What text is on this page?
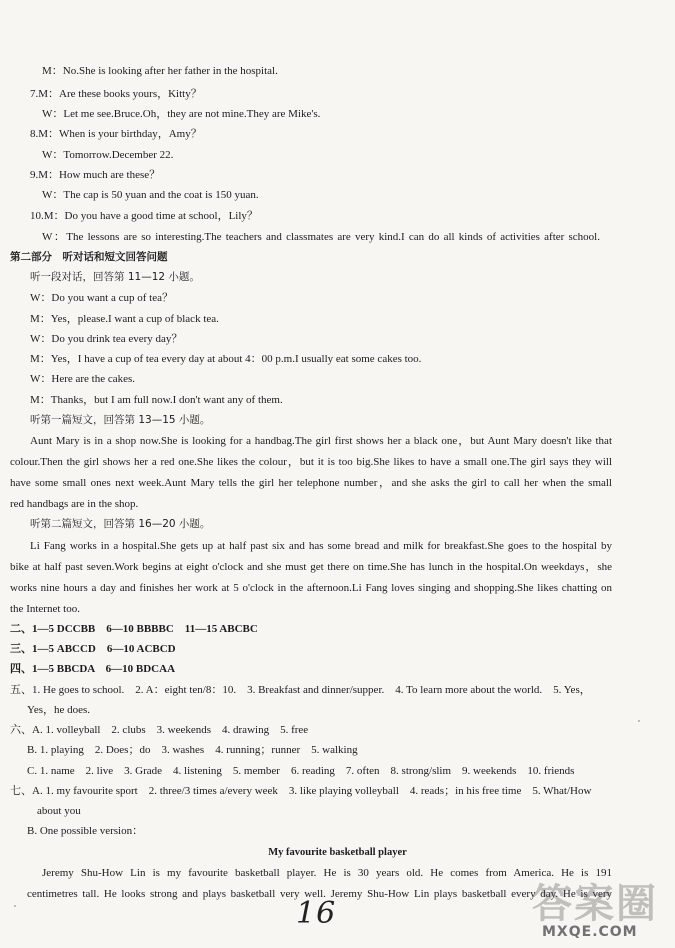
M：No.She is looking after her father in the hospital.
7.M：Are these books yours，Kitty？
W：Let me see.Bruce.Oh，they are not mine.They are Mike's.
8.M：When is your birthday，Amy？
W：Tomorrow.December 22.
9.M：How much are these？
W：The cap is 50 yuan and the coat is 150 yuan.
10.M：Do you have a good time at school，Lily？
W：The lessons are so interesting.The teachers and classmates are very kind.I can do all kinds of activities after school.
第二部分　听对话和短文回答问题
听一段对话，回答第 11—12 小题。
W：Do you want a cup of tea？
M：Yes，please.I want a cup of black tea.
W：Do you drink tea every day？
M：Yes，I have a cup of tea every day at about 4：00 p.m.I usually eat some cakes too.
W：Here are the cakes.
M：Thanks，but I am full now.I don't want any of them.
听第一篇短文，回答第 13—15 小题。
Aunt Mary is in a shop now.She is looking for a handbag.The girl first shows her a black one，but Aunt Mary doesn't like that
colour.Then the girl shows her a red one.She likes the colour，but it is too big.She likes to have a small one.The girl says they will
have some small ones next week.Aunt Mary tells the girl her telephone number，and she asks the girl to call her when the small
red handbags are in the shop.
听第二篇短文，回答第 16—20 小题。
Li Fang works in a hospital.She gets up at half past six and has some bread and milk for breakfast.She goes to the hospital by
bike at half past seven.Work begins at eight o'clock and she must get there on time.She has lunch in the hospital.On weekdays，she
works nine hours a day and finishes her work at 5 o'clock in the afternoon.Li Fang loves singing and shopping.She likes chatting on
the Internet too.
二、1—5 DCCBB　6—10 BBBBC　11—15 ABCBC
三、1—5 ABCCD　6—10 ACBCD
四、1—5 BBCDA　6—10 BDCAA
五、1. He goes to school.　2. A：eight ten/8：10.　3. Breakfast and dinner/supper.　4. To learn more about the world.　5. Yes，
Yes，he does.
六、A. 1. volleyball　2. clubs　3. weekends　4. drawing　5. free
B. 1. playing　2. Does；do　3. washes　4. running；runner　5. walking
C. 1. name　2. live　3. Grade　4. listening　5. member　6. reading　7. often　8. strong/slim　9. weekends　10. friends
七、A. 1. my favourite sport　2. three/3 times a/every week　3. like playing volleyball　4. reads；in his free time　5. What/How
about you
B. One possible version：
My favourite basketball player
Jeremy Shu-How Lin is my favourite basketball player. He is 30 years old. He comes from America. He is 191
centimetres tall. He looks strong and plays basketball very well. Jeremy Shu-How Lin plays basketball every day. He is very
16	答案圈
MXQE.COM
